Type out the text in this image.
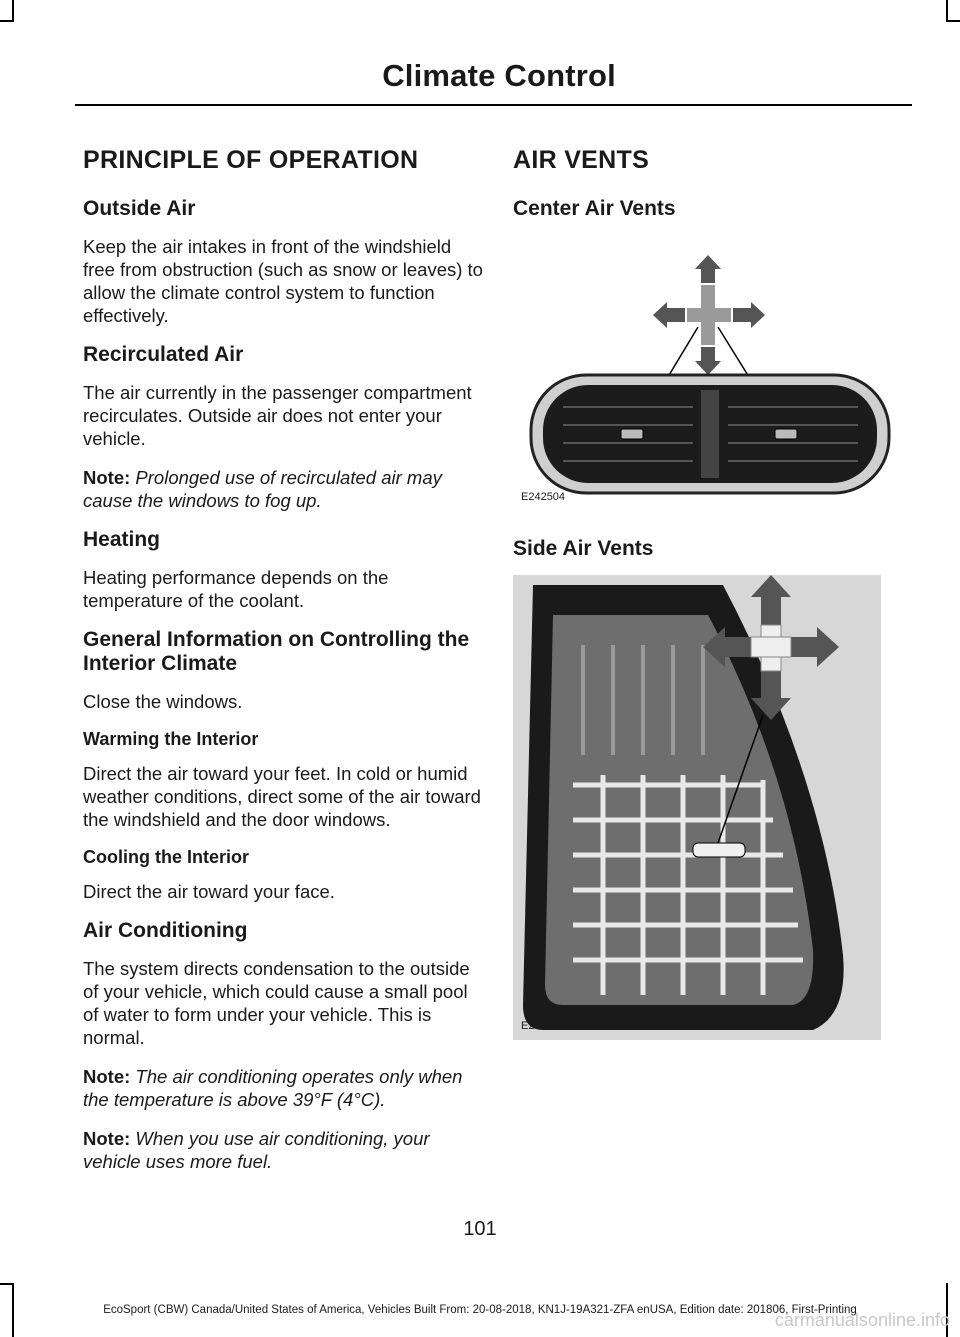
Climate Control
PRINCIPLE OF OPERATION
Outside Air

Keep the air intakes in front of the windshield free from obstruction (such as snow or leaves) to allow the climate control system to function effectively.

Recirculated Air

The air currently in the passenger compartment recirculates. Outside air does not enter your vehicle.

Note: Prolonged use of recirculated air may cause the windows to fog up.

Heating

Heating performance depends on the temperature of the coolant.

General Information on Controlling the Interior Climate

Close the windows.

Warming the Interior

Direct the air toward your feet. In cold or humid weather conditions, direct some of the air toward the windshield and the door windows.

Cooling the Interior

Direct the air toward your face.

Air Conditioning

The system directs condensation to the outside of your vehicle, which could cause a small pool of water to form under your vehicle. This is normal.

Note: The air conditioning operates only when the temperature is above 39°F (4°C).

Note: When you use air conditioning, your vehicle uses more fuel.

AIR VENTS
Center Air Vents
E242504
Side Air Vents
E242503
101
EcoSport (CBW) Canada/United States of America, Vehicles Built From: 20-08-2018, KN1J-19A321-ZFA enUSA, Edition date: 201806, First-Printing
carmanualsonline.info
